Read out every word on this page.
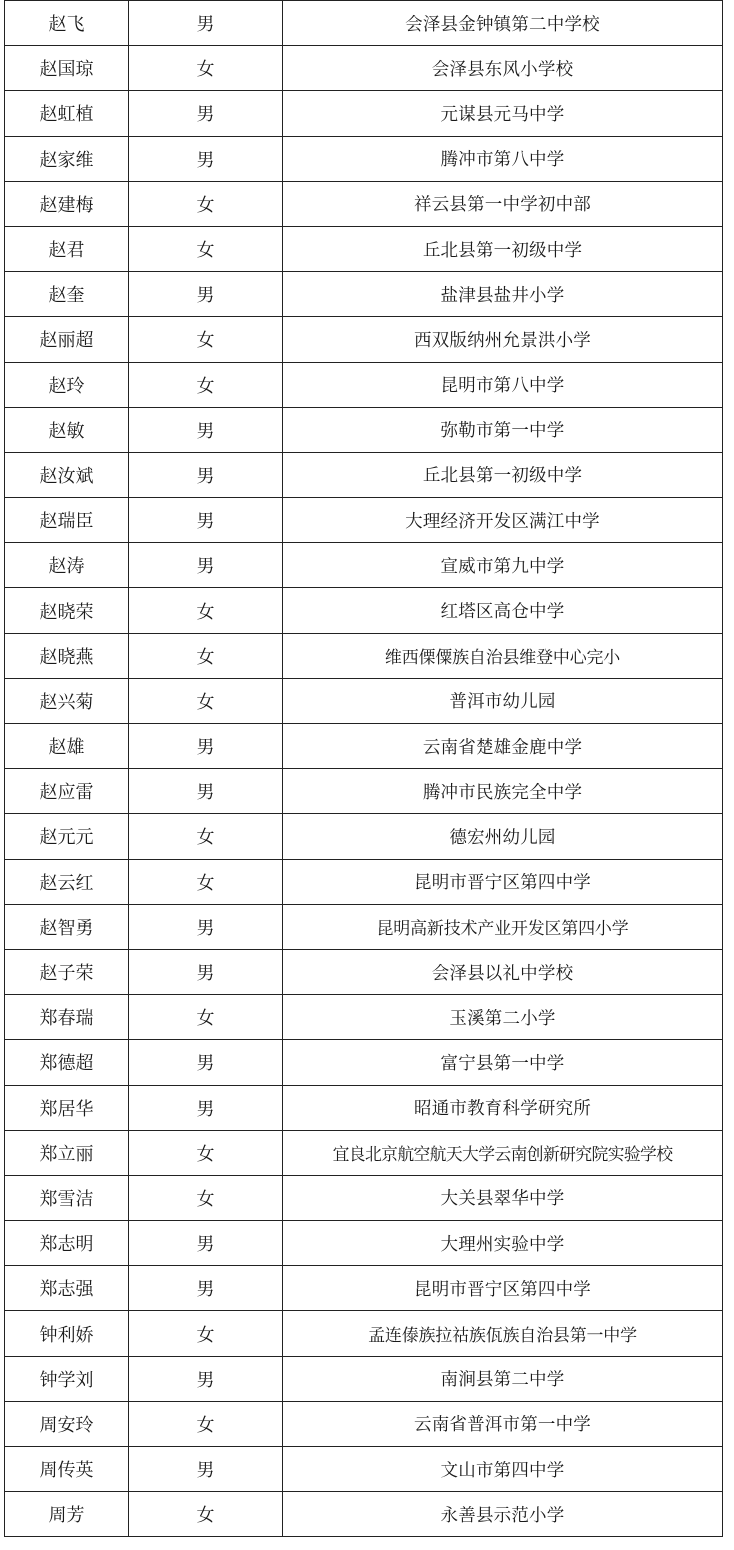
赵飞	男	会泽县金钟镇第二中学校
赵国琼	女	会泽县东风小学校
赵虹植	男	元谋县元马中学
赵家维	男	腾冲市第八中学
赵建梅	女	祥云县第一中学初中部
赵君	女	丘北县第一初级中学
赵奎	男	盐津县盐井小学
赵丽超	女	西双版纳州允景洪小学
赵玲	女	昆明市第八中学
赵敏	男	弥勒市第一中学
赵汝斌	男	丘北县第一初级中学
赵瑞臣	男	大理经济开发区满江中学
赵涛	男	宣威市第九中学
赵晓荣	女	红塔区高仓中学
赵晓燕	女	维西傈僳族自治县维登中心完小
赵兴菊	女	普洱市幼儿园
赵雄	男	云南省楚雄金鹿中学
赵应雷	男	腾冲市民族完全中学
赵元元	女	德宏州幼儿园
赵云红	女	昆明市晋宁区第四中学
赵智勇	男	昆明高新技术产业开发区第四小学
赵子荣	男	会泽县以礼中学校
郑春瑞	女	玉溪第二小学
郑德超	男	富宁县第一中学
郑居华	男	昭通市教育科学研究所
郑立丽	女	宜良北京航空航天大学云南创新研究院实验学校
郑雪洁	女	大关县翠华中学
郑志明	男	大理州实验中学
郑志强	男	昆明市晋宁区第四中学
钟利娇	女	孟连傣族拉祜族佤族自治县第一中学
钟学刘	男	南涧县第二中学
周安玲	女	云南省普洱市第一中学
周传英	男	文山市第四中学
周芳	女	永善县示范小学
